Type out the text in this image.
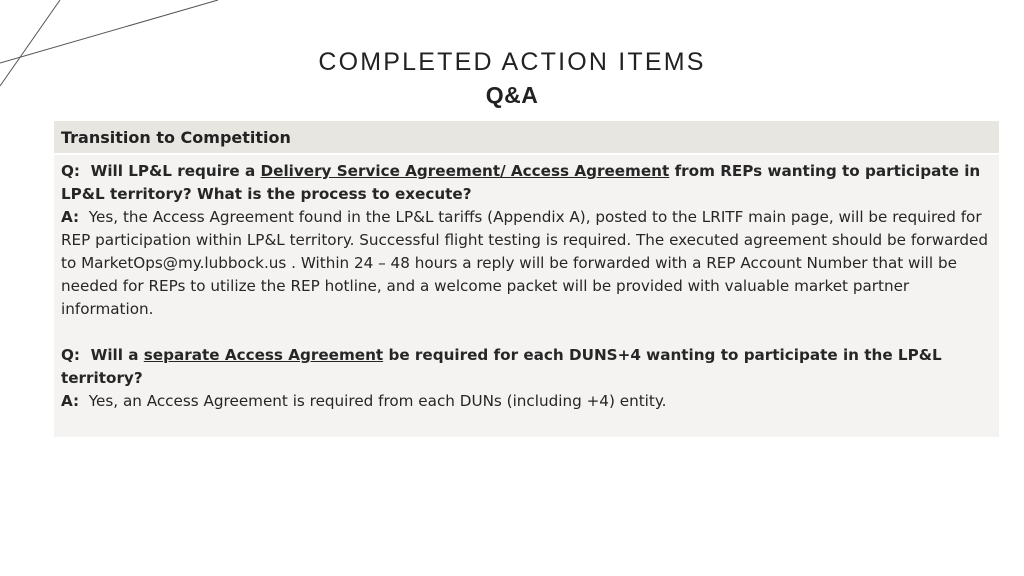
COMPLETED ACTION ITEMS
Q&A
Transition to Competition

Q: Will LP&L require a Delivery Service Agreement/ Access Agreement from REPs wanting to participate in LP&L territory? What is the process to execute?

A: Yes, the Access Agreement found in the LP&L tariffs (Appendix A), posted to the LRITF main page, will be required for REP participation within LP&L territory. Successful flight testing is required. The executed agreement should be forwarded to MarketOps@my.lubbock.us . Within 24 – 48 hours a reply will be forwarded with a REP Account Number that will be needed for REPs to utilize the REP hotline, and a welcome packet will be provided with valuable market partner information.

Q: Will a separate Access Agreement be required for each DUNS+4 wanting to participate in the LP&L territory?

A: Yes, an Access Agreement is required from each DUNs (including +4) entity.
